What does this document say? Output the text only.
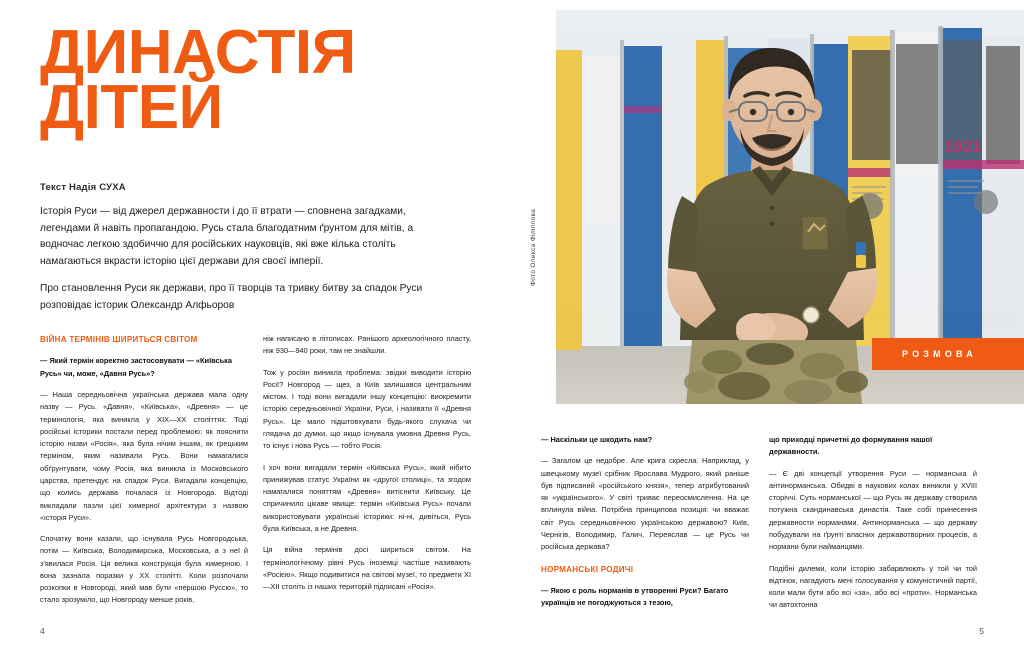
ДИНАСТІЯ
ДІТЕЙ
Текст Надія СУХА

Історія Руси — від джерел державности і до її втрати — сповнена загадками, легендами й навіть пропагандою. Русь стала благодатним ґрунтом для мітів, а водночас легкою здобиччю для російських науковців, які вже кілька століть намагаються вкрасти історію цієї держави для своєї імперії.

Про становлення Руси як держави, про її творців та тривку битву за спадок Руси розповідає історик Олександр Алфьоров

ВІЙНА ТЕРМІНІВ ШИРИТЬСЯ СВІТОМ

— Який термін коректно застосовувати — «Київська Русь» чи, може, «Давня Русь»?

— Наша середньовічна українська держава мала одну назву — Русь. «Давня», «Київська», «Древня» — це термінологія, яка виникла у XIX—XX століттях. Тоді російські історики постали перед проблемою: як пояснити історію назви «Росія», яка була нічим іншим, як грецьким терміном, яким називали Русь. Вони намагалися обґрунтувати, чому Росія, яка виникла із Московського царства, претендує на спадок Руси. Вигадали концепцію, що колись держава почалася із Новгорода. Відтоді викладали пазли цієї химерної архітектури з назвою «історія Руси».

Спочатку вони казали, що існувала Русь Новгородська, потім — Київська, Володимирська, Московська, а з неї й з'явилася Росія. Ця велика конструкція була химерною. І вона зазнала поразки у XX столітті. Коли розпочали розкопки в Новгороді, який мав бути «першою Руссю», то стало зрозуміло, що Новгороду менше років,

ніж написано в літописах. Ранішого археологічного пласту, ніж 930—940 роки, там не знайшли.

Тож у росіян виникла проблема: звідки виводити історію Росії? Новгород — щез, а Київ залишався центральним містом. І тоді вони вигадали іншу концепцію: виокремити історію середньовічної України, Руси, і називати її «Древня Русь». Це мало підштовхувати будь-якого слухача чи глядача до думки, що якщо існувала умовна Древня Русь, то існує і нова Русь — тобто Росія.

І хоч вони вигадали термін «Київська Русь», який нібито принижував статус України як «другої столиці», та згодом намагалися поняттям «Древня» витіснити Київську. Це спричинило цікаве явище: термін «Київська Русь» почали використовувати українські історики: ні-ні, дивіться, Русь була Київська, а не Древня.

Ця війна термінів досі шириться світом. На термінологічному рівні Русь іноземці частіше називають «Росією». Якщо подивитися на світові музеї, то предмети XI—XII століть із наших територій підписані «Росія».

4
1921
Фото Олекса Філіппова
РОЗМОВА

— Наскільки це шкодить нам?

— Загалом це недобре. Але крига скресла. Наприклад, у швецькому музеї срібник Ярослава Мудрого, який раніше був підписаний «російського князя», тепер атрибутований як «українського». У світі триває переосмислення. На це вплинула війна. Потрібна принципова позиція: чи вважає світ Русь середньовічною українською державою? Київ, Чернігів, Володимир, Галич, Переяслав — це Русь чи російська держава?

НОРМАНСЬКІ РОДИЧІ

— Якою є роль норманів в утворенні Руси? Багато українців не погоджуються з тезою,

що приходці причетні до формування нашої державности.

— Є дві концепції утворення Руси — норманська й антинорманська. Обидві в наукових колах виникли у XVIII сторіччі. Суть норманської — що Русь як державу створила потужна скандинавська династія. Таке собі принесення державности норманами. Антинорманська — що державу побудували на ґрунті власних державотворних процесів, а нормани були найманцями.

Подібні дилеми, коли історію забарвлюють у той чи той відтінок, нагадують мені голосування у комуністичній партії, коли мали бути або всі «за», або всі «проти». Норманська чи автохтонна

5
